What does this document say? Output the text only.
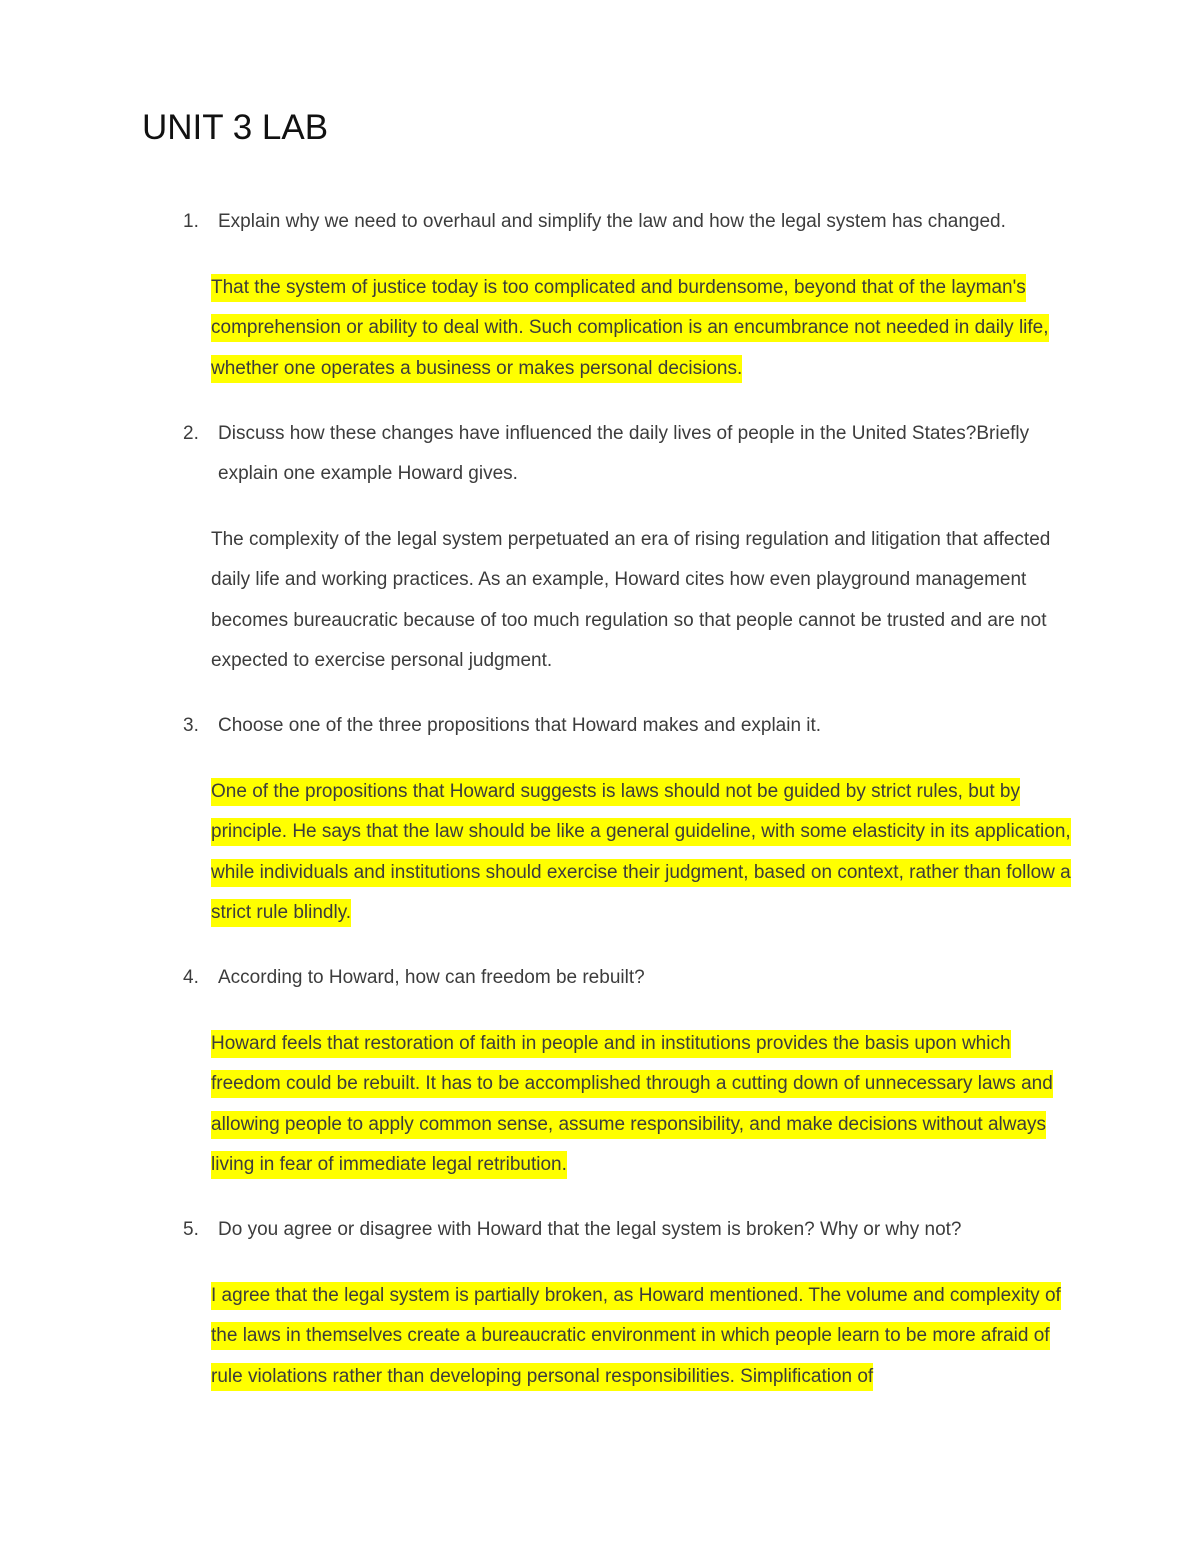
UNIT 3 LAB
1.	Explain why we need to overhaul and simplify the law and how the legal system has changed.
That the system of justice today is too complicated and burdensome, beyond that of the layman's comprehension or ability to deal with. Such complication is an encumbrance not needed in daily life, whether one operates a business or makes personal decisions.
2.	Discuss how these changes have influenced the daily lives of people in the United States?Briefly explain one example Howard gives.
The complexity of the legal system perpetuated an era of rising regulation and litigation that affected daily life and working practices. As an example, Howard cites how even playground management becomes bureaucratic because of too much regulation so that people cannot be trusted and are not expected to exercise personal judgment.
3.	Choose one of the three propositions that Howard makes and explain it.
One of the propositions that Howard suggests is laws should not be guided by strict rules, but by principle. He says that the law should be like a general guideline, with some elasticity in its application, while individuals and institutions should exercise their judgment, based on context, rather than follow a strict rule blindly.
4.	According to Howard, how can freedom be rebuilt?
Howard feels that restoration of faith in people and in institutions provides the basis upon which freedom could be rebuilt. It has to be accomplished through a cutting down of unnecessary laws and allowing people to apply common sense, assume responsibility, and make decisions without always living in fear of immediate legal retribution.
5.	Do you agree or disagree with Howard that the legal system is broken? Why or why not?
I agree that the legal system is partially broken, as Howard mentioned. The volume and complexity of the laws in themselves create a bureaucratic environment in which people learn to be more afraid of rule violations rather than developing personal responsibilities. Simplification of
